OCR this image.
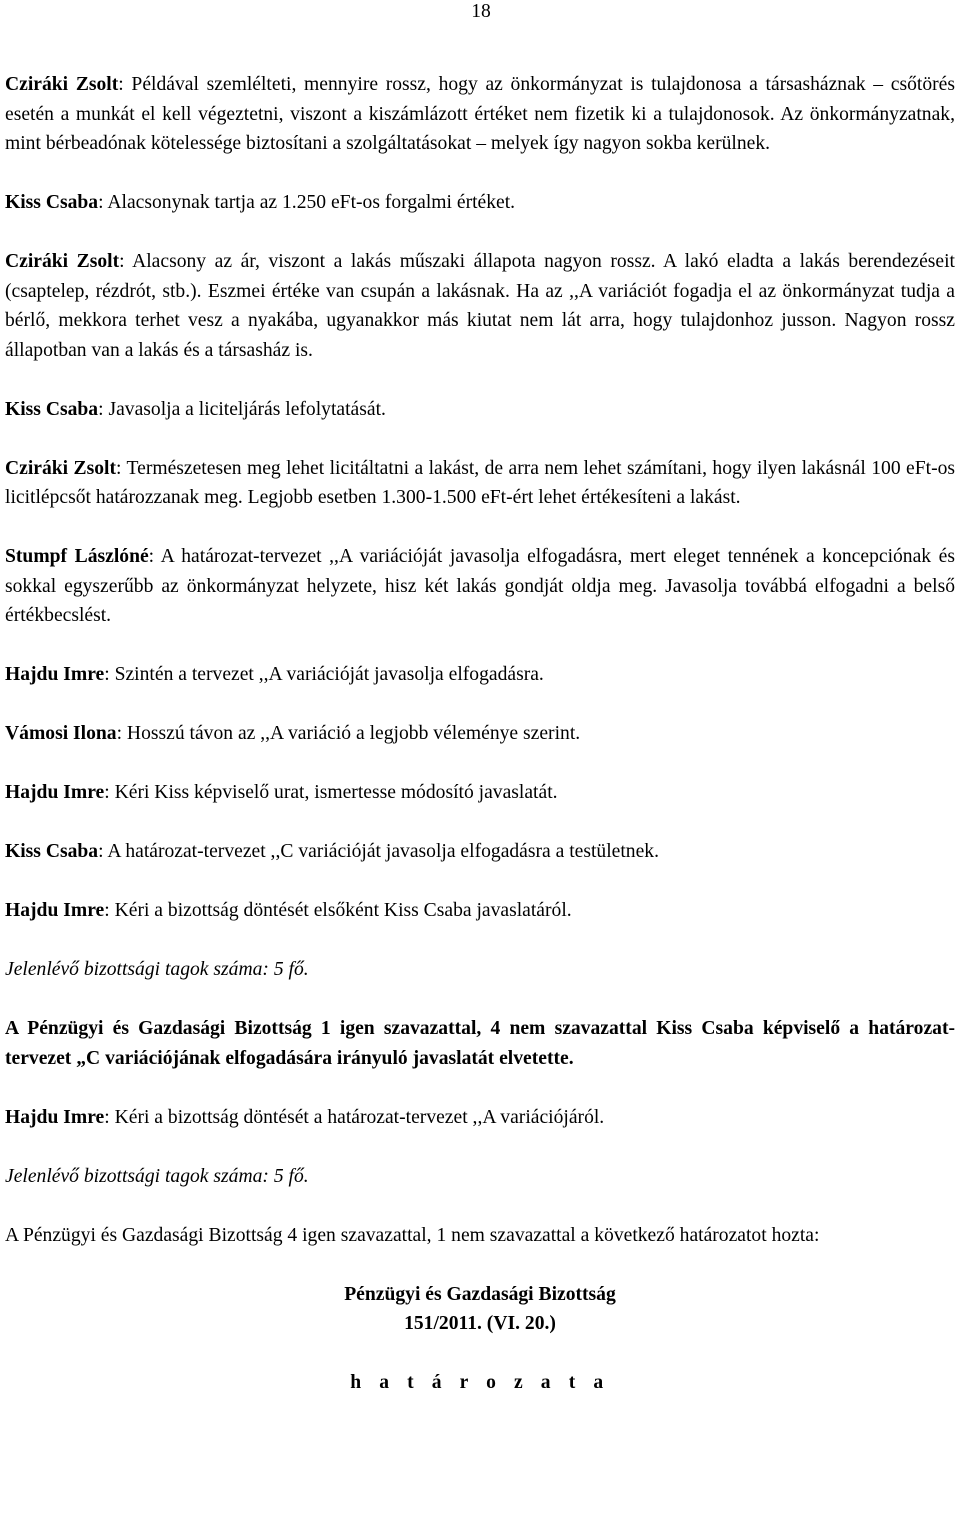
18

Cziráki Zsolt: Példával szemlélteti, mennyire rossz, hogy az önkormányzat is tulajdonosa a társasháznak – csőtörés esetén a munkát el kell végeztetni, viszont a kiszámlázott értéket nem fizetik ki a tulajdonosok. Az önkormányzatnak, mint bérbeadónak kötelessége biztosítani a szolgáltatásokat – melyek így nagyon sokba kerülnek.

Kiss Csaba: Alacsonynak tartja az 1.250 eFt-os forgalmi értéket.

Cziráki Zsolt: Alacsony az ár, viszont a lakás műszaki állapota nagyon rossz. A lakó eladta a lakás berendezéseit (csaptelep, rézdrót, stb.). Eszmei értéke van csupán a lakásnak. Ha az ,,A variációt fogadja el az önkormányzat tudja a bérlő, mekkora terhet vesz a nyakába, ugyanakkor más kiutat nem lát arra, hogy tulajdonhoz jusson. Nagyon rossz állapotban van a lakás és a társasház is.

Kiss Csaba: Javasolja a liciteljárás lefolytatását.

Cziráki Zsolt: Természetesen meg lehet licitáltatni a lakást, de arra nem lehet számítani, hogy ilyen lakásnál 100 eFt-os licitlépcsőt határozzanak meg. Legjobb esetben 1.300-1.500 eFt-ért lehet értékesíteni a lakást.

Stumpf Lászlóné: A határozat-tervezet ,,A variációját javasolja elfogadásra, mert eleget tennének a koncepciónak és sokkal egyszerűbb az önkormányzat helyzete, hisz két lakás gondját oldja meg. Javasolja továbbá elfogadni a belső értékbecslést.

Hajdu Imre: Szintén a tervezet ,,A variációját javasolja elfogadásra.

Vámosi Ilona: Hosszú távon az ,,A variáció a legjobb véleménye szerint.

Hajdu Imre: Kéri Kiss képviselő urat, ismertesse módosító javaslatát.

Kiss Csaba: A határozat-tervezet ,,C variációját javasolja elfogadásra a testületnek.

Hajdu Imre: Kéri a bizottság döntését elsőként Kiss Csaba javaslatáról.

Jelenlévő bizottsági tagok száma: 5 fő.

A Pénzügyi és Gazdasági Bizottság 1 igen szavazattal, 4 nem szavazattal Kiss Csaba képviselő a határozat-tervezet „C variációjának elfogadására irányuló javaslatát elvetette.

Hajdu Imre: Kéri a bizottság döntését a határozat-tervezet ,,A variációjáról.

Jelenlévő bizottsági tagok száma: 5 fő.

A Pénzügyi és Gazdasági Bizottság 4 igen szavazattal, 1 nem szavazattal a következő határozatot hozta:

Pénzügyi és Gazdasági Bizottság

151/2011. (VI. 20.)

h a t á r o z a t a
